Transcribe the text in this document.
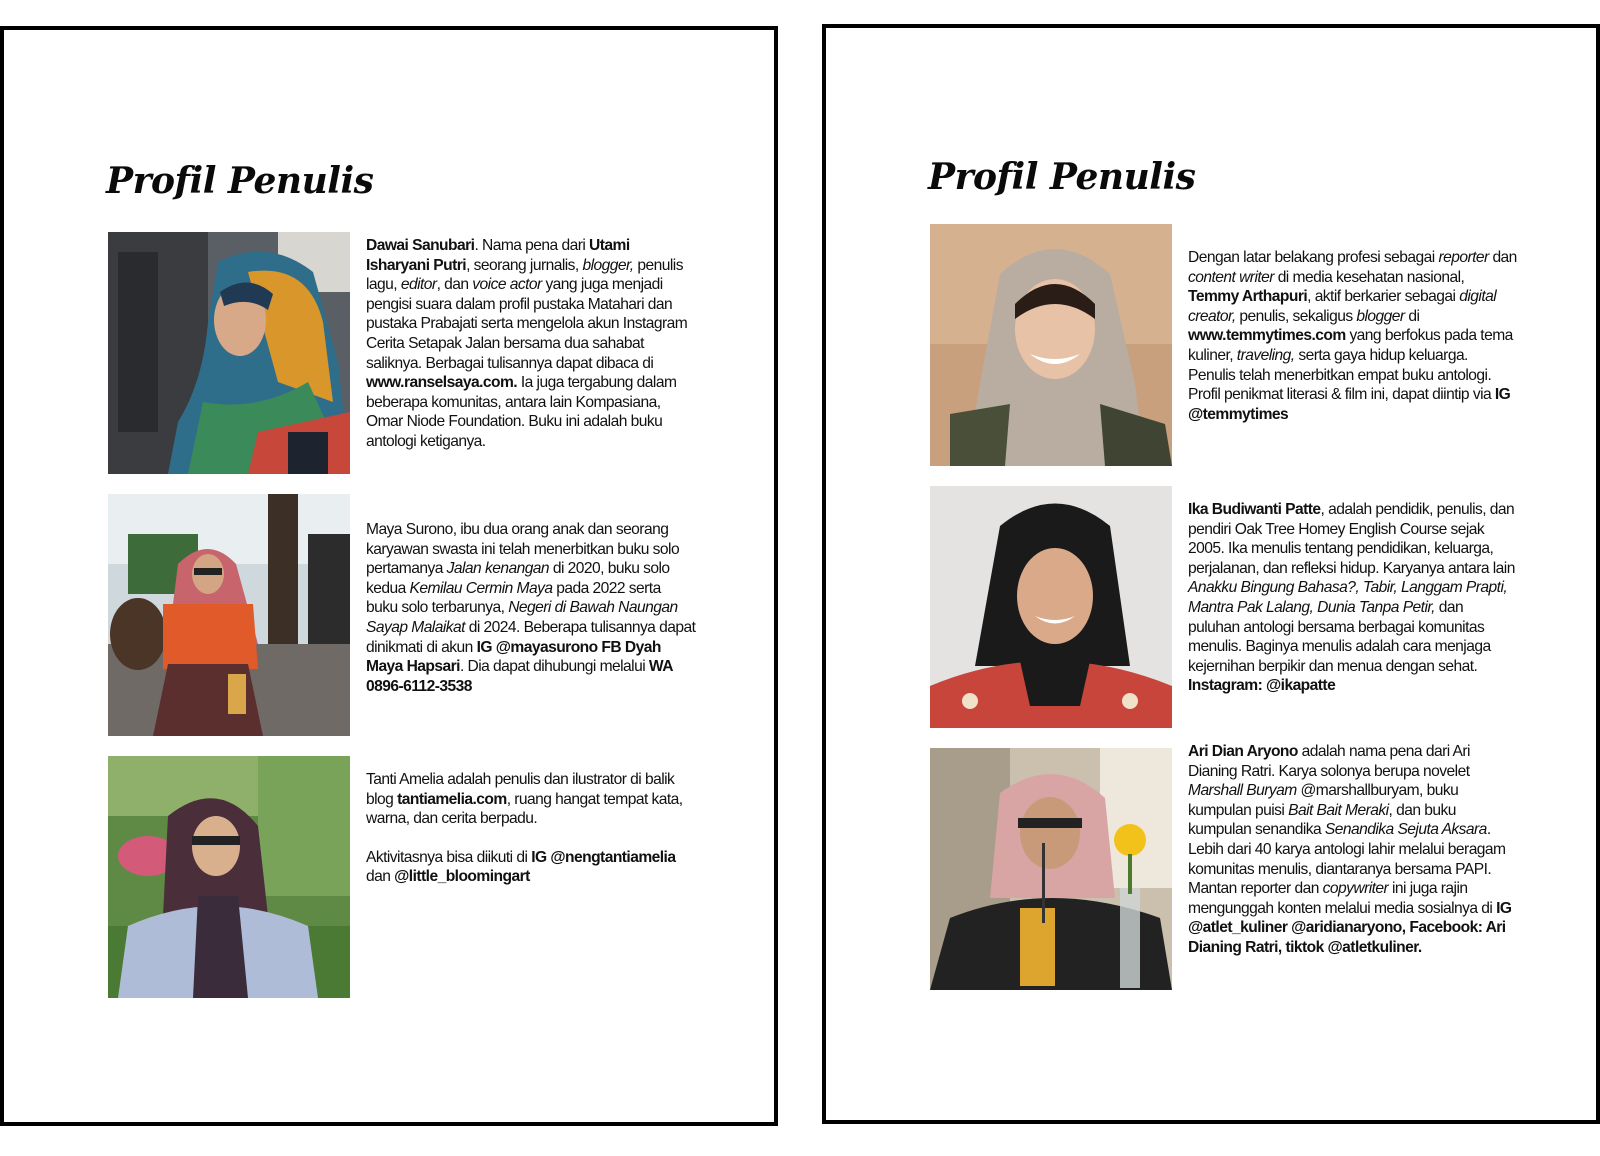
Profil Penulis

Dawai Sanubari. Nama pena dari Utami Isharyani Putri, seorang jurnalis, blogger, penulis lagu, editor, dan voice actor yang juga menjadi pengisi suara dalam profil pustaka Matahari dan pustaka Prabajati serta mengelola akun Instagram Cerita Setapak Jalan bersama dua sahabat saliknya. Berbagai tulisannya dapat dibaca di www.ranselsaya.com. Ia juga tergabung dalam beberapa komunitas, antara lain Kompasiana, Omar Niode Foundation. Buku ini adalah buku antologi ketiganya.

Maya Surono, ibu dua orang anak dan seorang karyawan swasta ini telah menerbitkan buku solo pertamanya Jalan kenangan di 2020, buku solo kedua Kemilau Cermin Maya pada 2022 serta buku solo terbarunya, Negeri di Bawah Naungan Sayap Malaikat di 2024. Beberapa tulisannya dapat dinikmati di akun IG @mayasurono FB Dyah Maya Hapsari. Dia dapat dihubungi melalui WA 0896-6112-3538

Tanti Amelia adalah penulis dan ilustrator di balik blog tantiamelia.com, ruang hangat tempat kata, warna, dan cerita berpadu.

Aktivitasnya bisa diikuti di IG @nengtantiamelia dan @little_bloomingart

Profil Penulis

Dengan latar belakang profesi sebagai reporter dan content writer di media kesehatan nasional, Temmy Arthapuri, aktif berkarier sebagai digital creator, penulis, sekaligus blogger di www.temmytimes.com yang berfokus pada tema kuliner, traveling, serta gaya hidup keluarga. Penulis telah menerbitkan empat buku antologi. Profil penikmat literasi & film ini, dapat diintip via IG @temmytimes

Ika Budiwanti Patte, adalah pendidik, penulis, dan pendiri Oak Tree Homey English Course sejak 2005. Ika menulis tentang pendidikan, keluarga, perjalanan, dan refleksi hidup. Karyanya antara lain Anakku Bingung Bahasa?, Tabir, Langgam Prapti, Mantra Pak Lalang, Dunia Tanpa Petir, dan puluhan antologi bersama berbagai komunitas menulis. Baginya menulis adalah cara menjaga kejernihan berpikir dan menua dengan sehat. Instagram: @ikapatte

Ari Dian Aryono adalah nama pena dari Ari Dianing Ratri. Karya solonya berupa novelet Marshall Buryam @marshallburyam, buku kumpulan puisi Bait Bait Meraki, dan buku kumpulan senandika Senandika Sejuta Aksara. Lebih dari 40 karya antologi lahir melalui beragam komunitas menulis, diantaranya bersama PAPI. Mantan reporter dan copywriter ini juga rajin mengunggah konten melalui media sosialnya di IG @atlet_kuliner @aridianaryono, Facebook: Ari Dianing Ratri, tiktok @atletkuliner.
